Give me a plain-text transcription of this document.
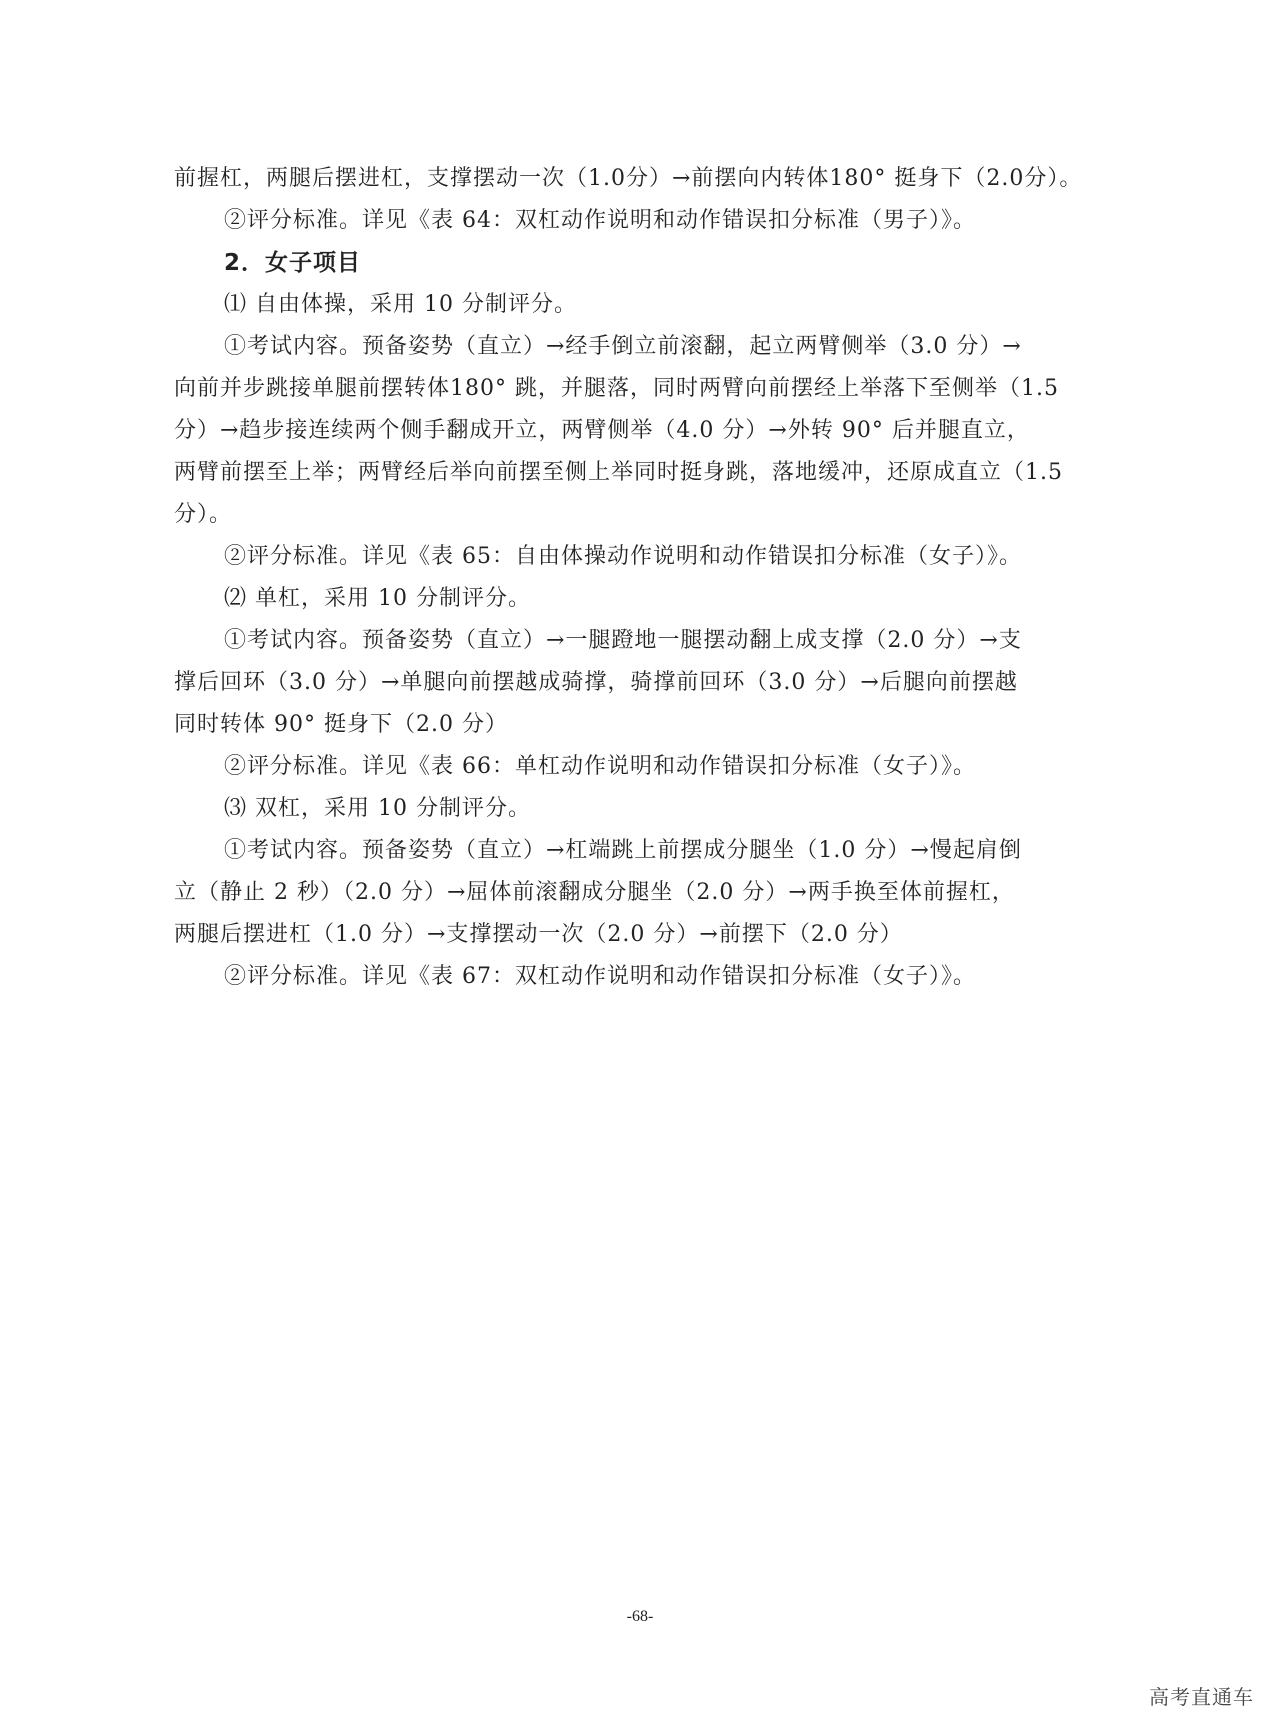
前握杠，两腿后摆进杠，支撑摆动一次（1.0分）→前摆向内转体180° 挺身下（2.0分）。
②评分标准。详见《表 64：双杠动作说明和动作错误扣分标准（男子）》。
2．女子项目
⑴ 自由体操，采用 10 分制评分。
①考试内容。预备姿势（直立）→经手倒立前滚翻，起立两臂侧举（3.0 分）→
向前并步跳接单腿前摆转体180° 跳，并腿落，同时两臂向前摆经上举落下至侧举（1.5
分）→趋步接连续两个侧手翻成开立，两臂侧举（4.0 分）→外转 90° 后并腿直立，
两臂前摆至上举；两臂经后举向前摆至侧上举同时挺身跳，落地缓冲，还原成直立（1.5
分）。
②评分标准。详见《表 65：自由体操动作说明和动作错误扣分标准（女子）》。
⑵ 单杠，采用 10 分制评分。
①考试内容。预备姿势（直立）→一腿蹬地一腿摆动翻上成支撑（2.0 分）→支
撑后回环（3.0 分）→单腿向前摆越成骑撑，骑撑前回环（3.0 分）→后腿向前摆越
同时转体 90° 挺身下（2.0 分）
②评分标准。详见《表 66：单杠动作说明和动作错误扣分标准（女子）》。
⑶ 双杠，采用 10 分制评分。
①考试内容。预备姿势（直立）→杠端跳上前摆成分腿坐（1.0 分）→慢起肩倒
立（静止 2 秒）（2.0 分）→屈体前滚翻成分腿坐（2.0 分）→两手换至体前握杠，
两腿后摆进杠（1.0 分）→支撑摆动一次（2.0 分）→前摆下（2.0 分）
②评分标准。详见《表 67：双杠动作说明和动作错误扣分标准（女子）》。
-68-
高考直通车
